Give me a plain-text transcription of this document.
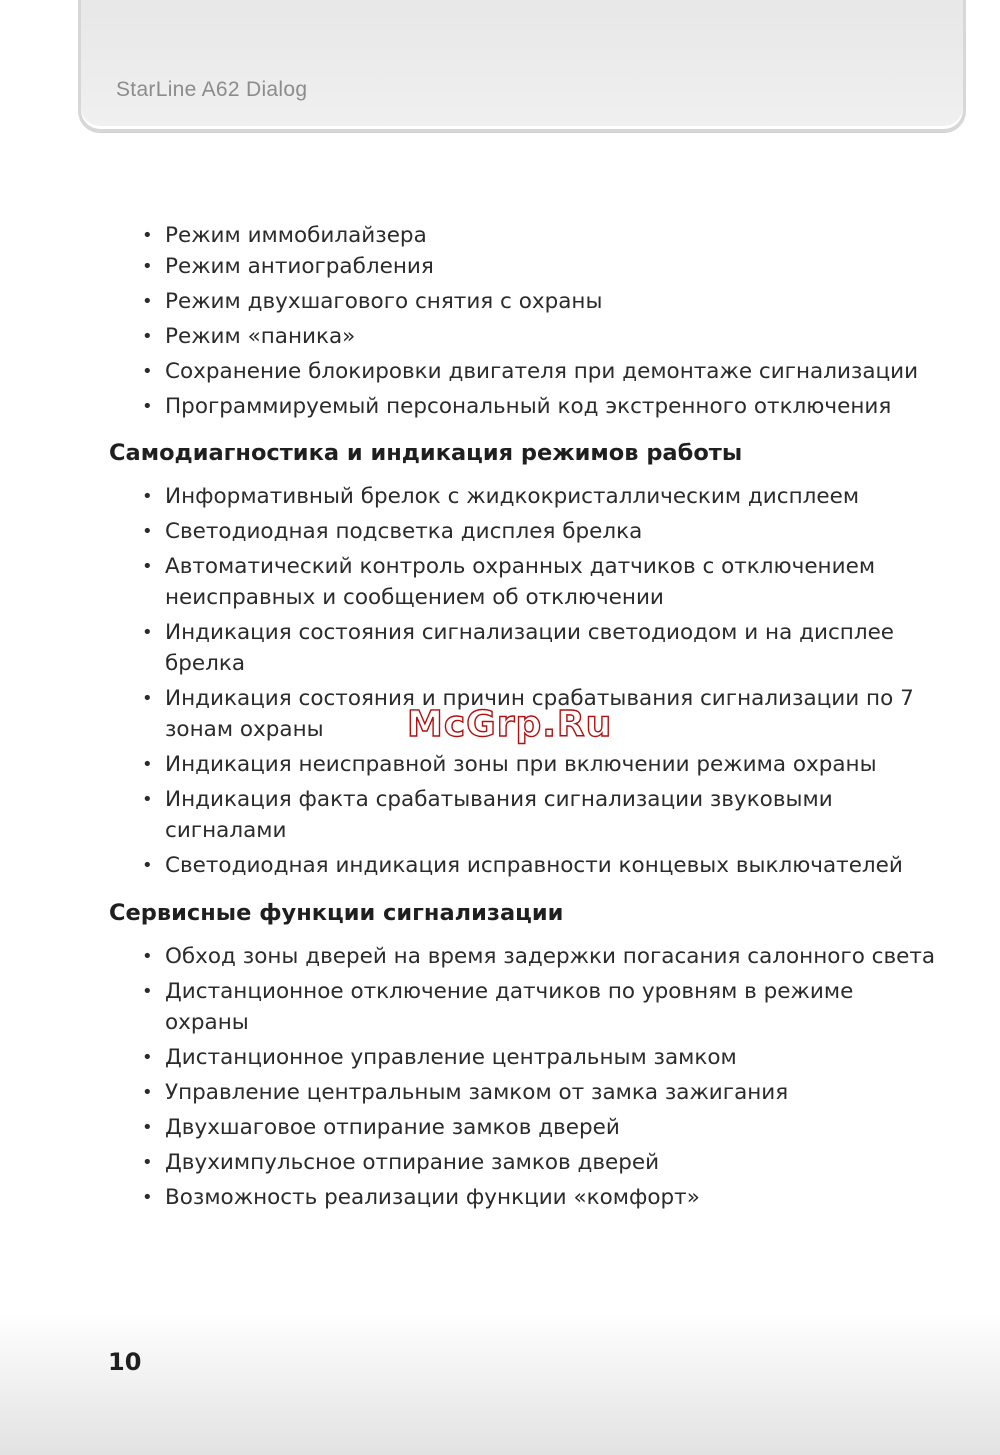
StarLine A62 Dialog
• Режим иммобилайзера
• Режим антиограбления
• Режим двухшагового снятия с охраны
• Режим «паника»
• Сохранение блокировки двигателя при демонтаже сигнализации
• Программируемый персональный код экстренного отключения
Самодиагностика и индикация режимов работы
• Информативный брелок с жидкокристаллическим дисплеем
• Светодиодная подсветка дисплея брелка
• Автоматический контроль охранных датчиков с отключением
неисправных и сообщением об отключении
• Индикация состояния сигнализации светодиодом и на дисплее
брелка
• Индикация состояния и причин срабатывания сигнализации по 7
зонам охраны
• Индикация неисправной зоны при включении режима охраны
• Индикация факта срабатывания сигнализации звуковыми
сигналами
• Светодиодная индикация исправности концевых выключателей
Сервисные функции сигнализации
• Обход зоны дверей на время задержки погасания салонного света
• Дистанционное отключение датчиков по уровням в режиме
охраны
• Дистанционное управление центральным замком
• Управление центральным замком от замка зажигания
• Двухшаговое отпирание замков дверей
• Двухимпульсное отпирание замков дверей
• Возможность реализации функции «комфорт»
McGrp.Ru
10
